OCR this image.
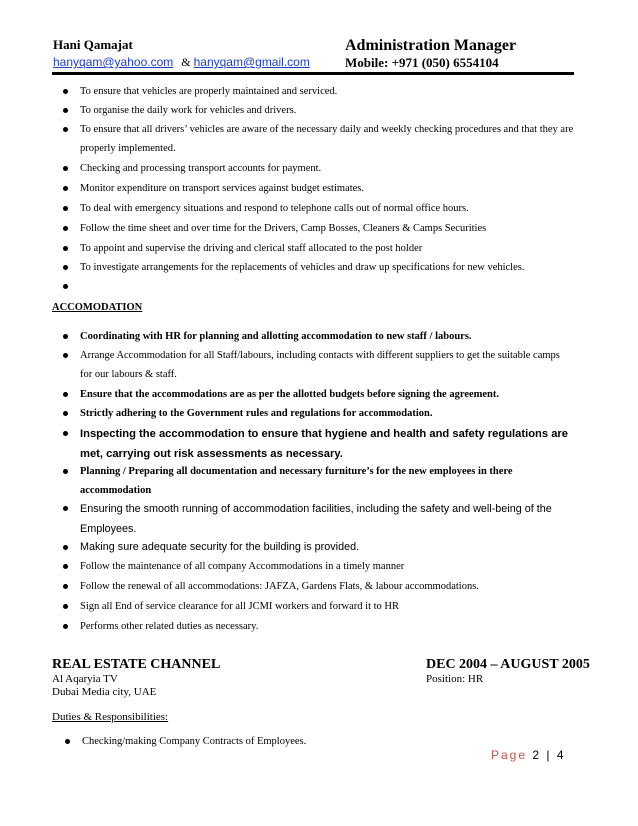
Hani Qamajat	Administration Manager
hanyqam@yahoo.com & hanyqam@gmail.com	Mobile: +971 (050) 6554104
To ensure that vehicles are properly maintained and serviced.
To organise the daily work for vehicles and drivers.
To ensure that all drivers’ vehicles are aware of the necessary daily and weekly checking procedures and that they are properly implemented.
Checking and processing transport accounts for payment.
Monitor expenditure on transport services against budget estimates.
To deal with emergency situations and respond to telephone calls out of normal office hours.
Follow the time sheet and over time for the Drivers, Camp Bosses, Cleaners & Camps Securities
To appoint and supervise the driving and clerical staff allocated to the post holder
To investigate arrangements for the replacements of vehicles and draw up specifications for new vehicles.
ACCOMODATION
Coordinating with HR for planning and allotting accommodation to new staff / labours.
Arrange Accommodation for all Staff/labours, including contacts with different suppliers to get the suitable camps for our labours & staff.
Ensure that the accommodations are as per the allotted budgets before signing the agreement.
Strictly adhering to the Government rules and regulations for accommodation.
Inspecting the accommodation to ensure that hygiene and health and safety regulations are met, carrying out risk assessments as necessary.
Planning / Preparing all documentation and necessary furniture’s for the new employees in there accommodation
Ensuring the smooth running of accommodation facilities, including the safety and well-being of the Employees.
Making sure adequate security for the building is provided.
Follow the maintenance of all company Accommodations in a timely manner
Follow the renewal of all accommodations: JAFZA, Gardens Flats, & labour accommodations.
Sign all End of service clearance for all JCMI workers and forward it to HR
Performs other related duties as necessary.
REAL ESTATE CHANNEL	DEC 2004 – AUGUST 2005
Al Aqaryia TV
Dubai Media city, UAE
Position: HR
Duties & Responsibilities:
Checking/making Company Contracts of Employees.
Page 2 | 4
